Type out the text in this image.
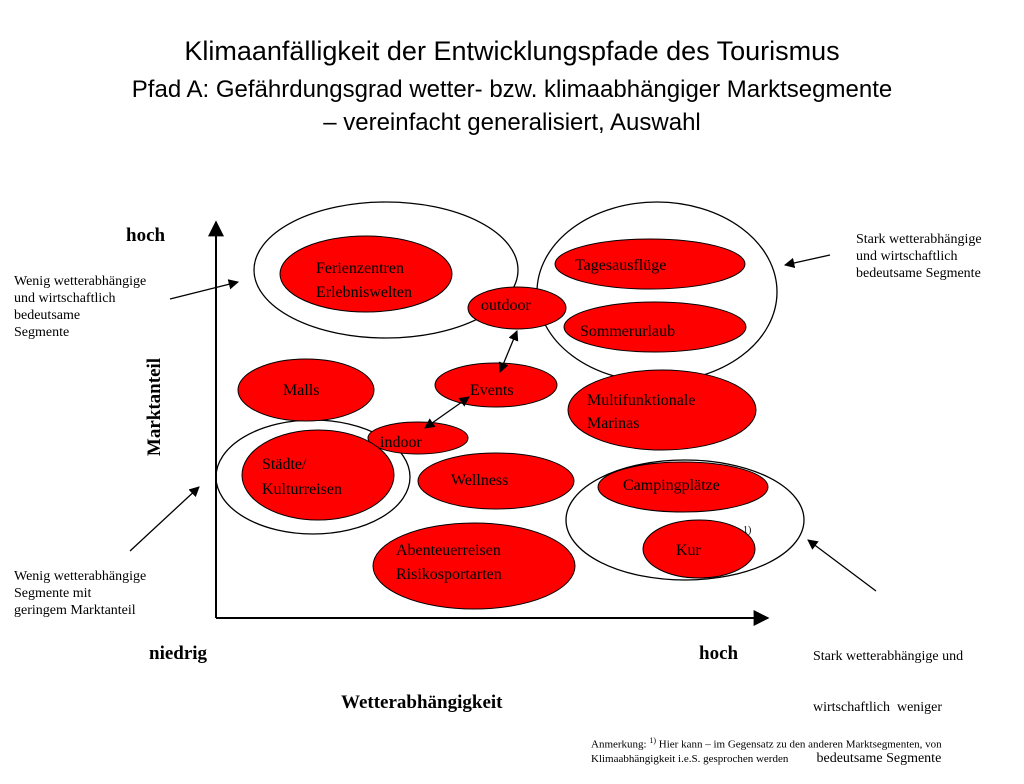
Klimaanfälligkeit der Entwicklungspfade des Tourismus
Pfad A: Gefährdungsgrad wetter- bzw. klimaabhängiger Marktsegmente
– vereinfacht generalisiert, Auswahl
Ferienzentren
Erlebniswelten
Tagesausflüge
Sommerurlaub
outdoor
Malls	Events
Multifunktionale
Marinas
indoor
Städte/
Kulturreisen
Wellness	Campingplätze
Kur
1)
Abenteuerreisen
Risikosportarten
hoch
Marktanteil
niedrig	hoch
Wetterabhängigkeit
Wenig wetterabhängige
und wirtschaftlich
bedeutsame
Segmente
Stark wetterabhängige
und wirtschaftlich
bedeutsame Segmente
Wenig wetterabhängige
Segmente mit
geringem Marktanteil

Stark wetterabhängige und

wirtschaftlich  weniger

bedeutsame Segmente

Anmerkung: $^{1)}$ Hier kann – im Gegensatz zu den anderen Marktsegmenten, von
Klimaabhängigkeit i.e.S. gesprochen werden
